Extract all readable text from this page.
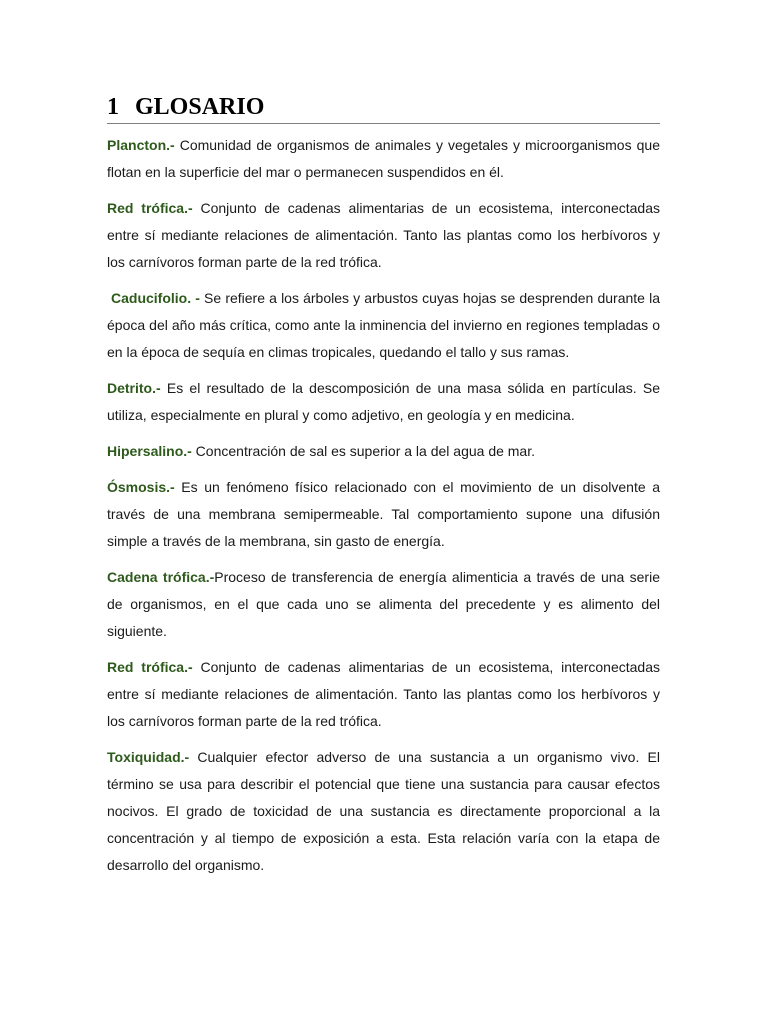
1 GLOSARIO

Plancton.- Comunidad de organismos de animales y vegetales y microorganismos que flotan en la superficie del mar o permanecen suspendidos en él.

Red trófica.- Conjunto de cadenas alimentarias de un ecosistema, interconectadas entre sí mediante relaciones de alimentación. Tanto las plantas como los herbívoros y los carnívoros forman parte de la red trófica.

Caducifolio. - Se refiere a los árboles y arbustos cuyas hojas se desprenden durante la época del año más crítica, como ante la inminencia del invierno en regiones templadas o en la época de sequía en climas tropicales, quedando el tallo y sus ramas.

Detrito.- Es el resultado de la descomposición de una masa sólida en partículas. Se utiliza, especialmente en plural y como adjetivo, en geología y en medicina.

Hipersalino.- Concentración de sal es superior a la del agua de mar.

Ósmosis.- Es un fenómeno físico relacionado con el movimiento de un disolvente a través de una membrana semipermeable. Tal comportamiento supone una difusión simple a través de la membrana, sin gasto de energía.

Cadena trófica.-Proceso de transferencia de energía alimenticia a través de una serie de organismos, en el que cada uno se alimenta del precedente y es alimento del siguiente.

Red trófica.- Conjunto de cadenas alimentarias de un ecosistema, interconectadas entre sí mediante relaciones de alimentación. Tanto las plantas como los herbívoros y los carnívoros forman parte de la red trófica.

Toxiquidad.- Cualquier efector adverso de una sustancia a un organismo vivo. El término se usa para describir el potencial que tiene una sustancia para causar efectos nocivos. El grado de toxicidad de una sustancia es directamente proporcional a la concentración y al tiempo de exposición a esta. Esta relación varía con la etapa de desarrollo del organismo.
